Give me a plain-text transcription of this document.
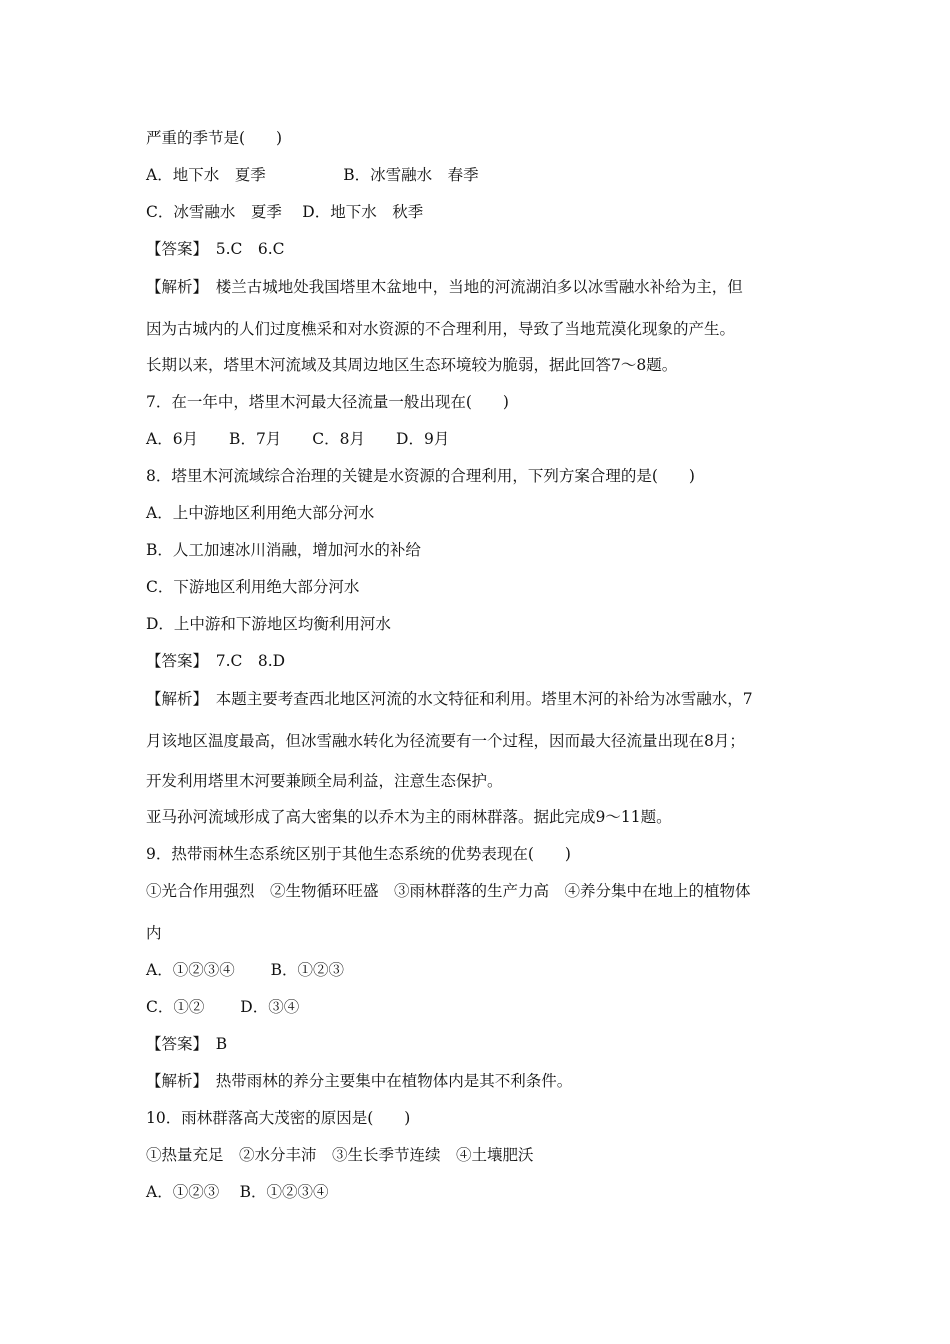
严重的季节是(　　)
A．地下水　夏季　　　　　B．冰雪融水　春季
C．冰雪融水　夏季　 D．地下水　秋季
【答案】　5.C　6.C
【解析】　楼兰古城地处我国塔里木盆地中，当地的河流湖泊多以冰雪融水补给为主，但
因为古城内的人们过度樵采和对水资源的不合理利用，导致了当地荒漠化现象的产生。
长期以来，塔里木河流域及其周边地区生态环境较为脆弱，据此回答7～8题。
7．在一年中，塔里木河最大径流量一般出现在(　　)
A．6月　　B．7月　　C．8月　　D．9月
8．塔里木河流域综合治理的关键是水资源的合理利用，下列方案合理的是(　　)
A．上中游地区利用绝大部分河水
B．人工加速冰川消融，增加河水的补给
C．下游地区利用绝大部分河水
D．上中游和下游地区均衡利用河水
【答案】　7.C　8.D
【解析】　本题主要考查西北地区河流的水文特征和利用。塔里木河的补给为冰雪融水，7
月该地区温度最高，但冰雪融水转化为径流要有一个过程，因而最大径流量出现在8月；
开发利用塔里木河要兼顾全局利益，注意生态保护。
亚马孙河流域形成了高大密集的以乔木为主的雨林群落。据此完成9～11题。
9．热带雨林生态系统区别于其他生态系统的优势表现在(　　)
①光合作用强烈　②生物循环旺盛　③雨林群落的生产力高　④养分集中在地上的植物体
内
A．①②③④　　 B．①②③
C．①②　　 D．③④
【答案】　B
【解析】　热带雨林的养分主要集中在植物体内是其不利条件。
10．雨林群落高大茂密的原因是(　　)
①热量充足　②水分丰沛　③生长季节连续　④土壤肥沃
A．①②③　 B．①②③④
